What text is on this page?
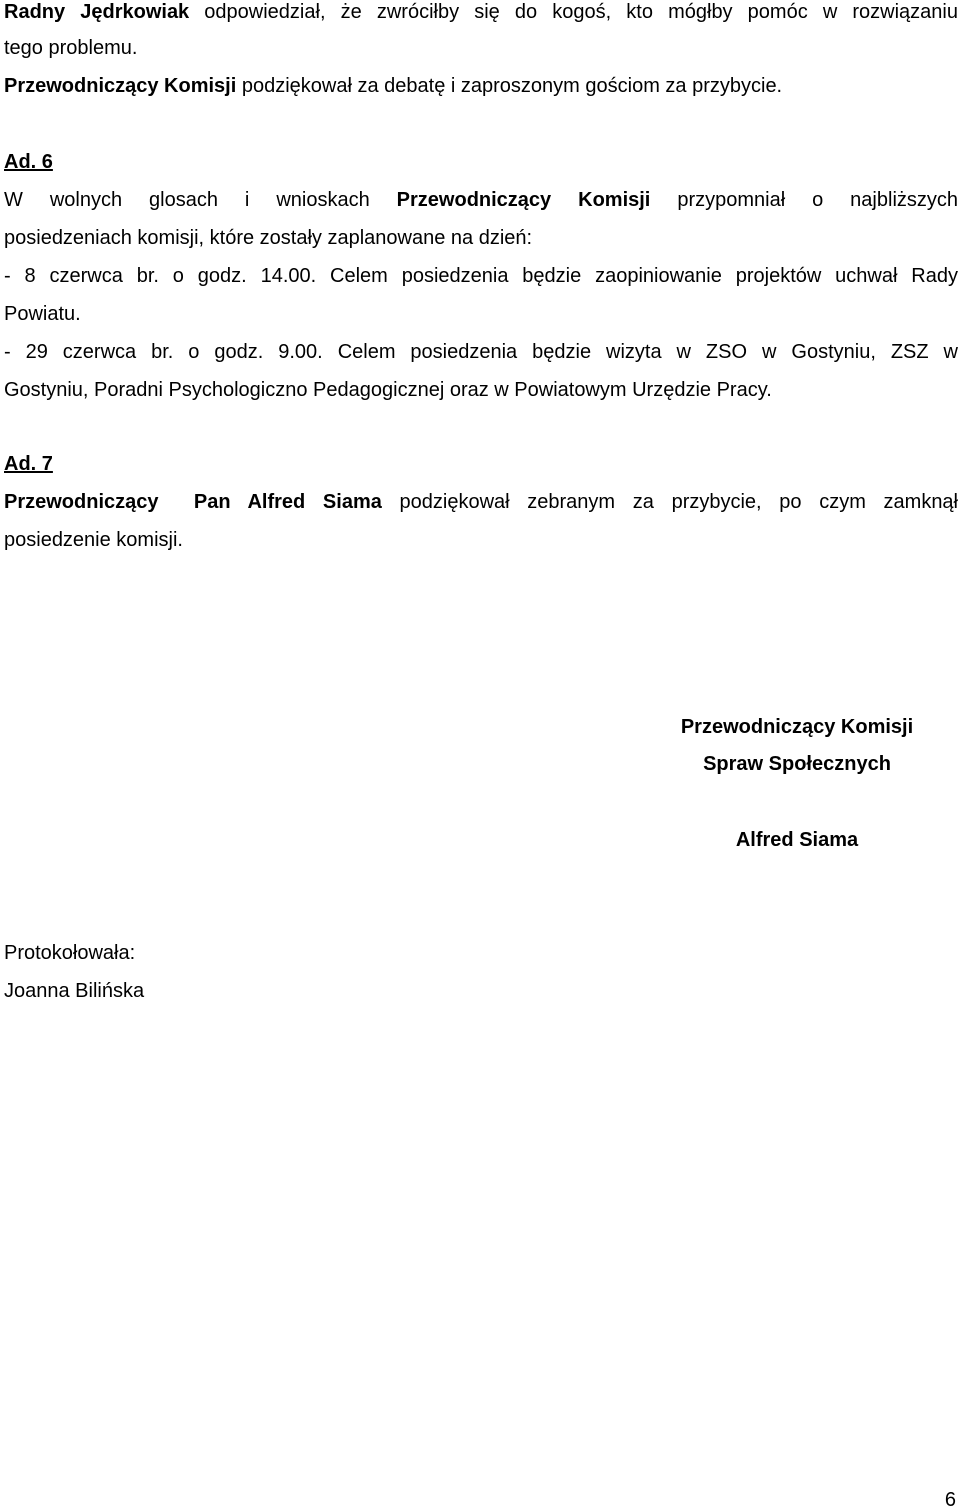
Radny Jędrkowiak odpowiedział, że zwróciłby się do kogoś, kto mógłby pomóc w rozwiązaniu
tego problemu.
Przewodniczący Komisji podziękował za debatę i zaproszonym gościom za przybycie.
Ad. 6
W wolnych glosach i wnioskach Przewodniczący Komisji przypomniał o najbliższych
posiedzeniach komisji, które zostały zaplanowane na dzień:
- 8 czerwca br. o godz. 14.00. Celem posiedzenia będzie zaopiniowanie projektów uchwał Rady
Powiatu.
- 29 czerwca br. o godz. 9.00. Celem posiedzenia będzie wizyta w ZSO w Gostyniu, ZSZ w
Gostyniu, Poradni Psychologiczno Pedagogicznej oraz w Powiatowym Urzędzie Pracy.
Ad. 7
Przewodniczący  Pan Alfred Siama podziękował zebranym za przybycie, po czym zamknął
posiedzenie komisji.
Przewodniczący Komisji
Spraw Społecznych
Alfred Siama
Protokołowała:
Joanna Bilińska
6
